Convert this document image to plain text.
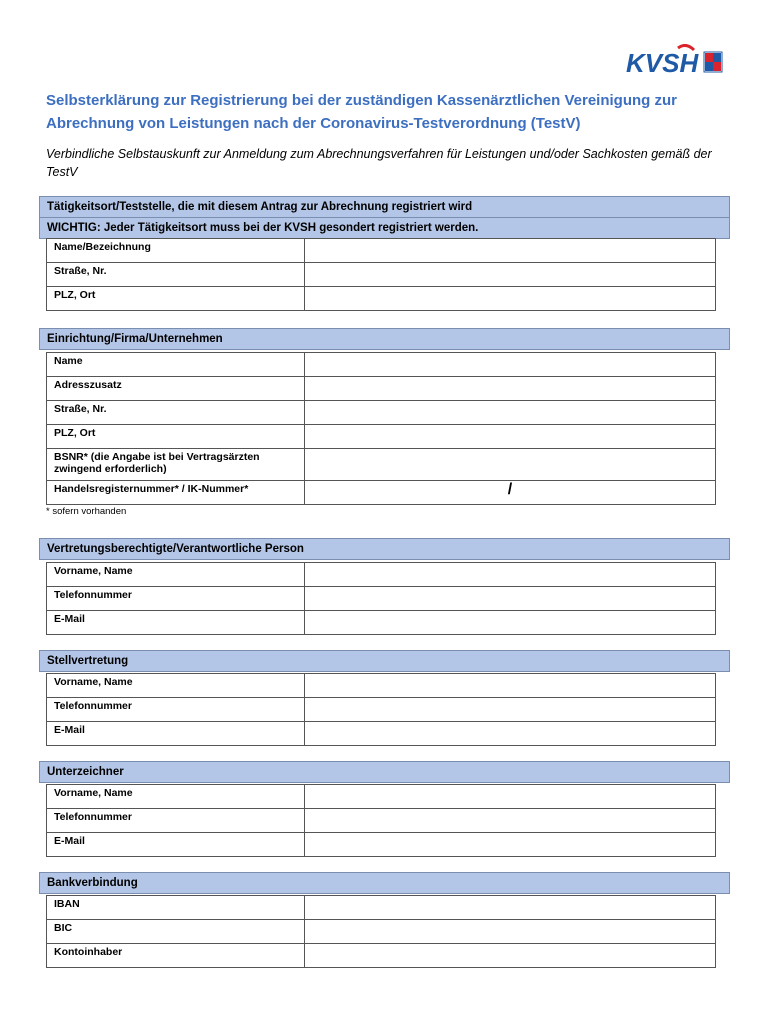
KVSH
Selbsterklärung zur Registrierung bei der zuständigen Kassenärztlichen Vereinigung zur Abrechnung von Leistungen nach der Coronavirus-Testverordnung (TestV)

Verbindliche Selbstauskunft zur Anmeldung zum Abrechnungsverfahren für Leistungen und/oder Sachkosten gemäß der TestV

Tätigkeitsort/Teststelle, die mit diesem Antrag zur Abrechnung registriert wird
WICHTIG: Jeder Tätigkeitsort muss bei der KVSH gesondert registriert werden.
Name/Bezeichnung	
Straße, Nr.	
PLZ, Ort	
Einrichtung/Firma/Unternehmen
Name	
Adresszusatz	
Straße, Nr.	
PLZ, Ort	
BSNR* (die Angabe ist bei Vertragsärzten zwingend erforderlich)	
Handelsregisternummer* / IK-Nummer*	/
* sofern vorhanden
Vertretungsberechtigte/Verantwortliche Person
Vorname, Name	
Telefonnummer	
E-Mail	
Stellvertretung
Vorname, Name	
Telefonnummer	
E-Mail	
Unterzeichner
Vorname, Name	
Telefonnummer	
E-Mail	
Bankverbindung
IBAN	
BIC	
Kontoinhaber	
